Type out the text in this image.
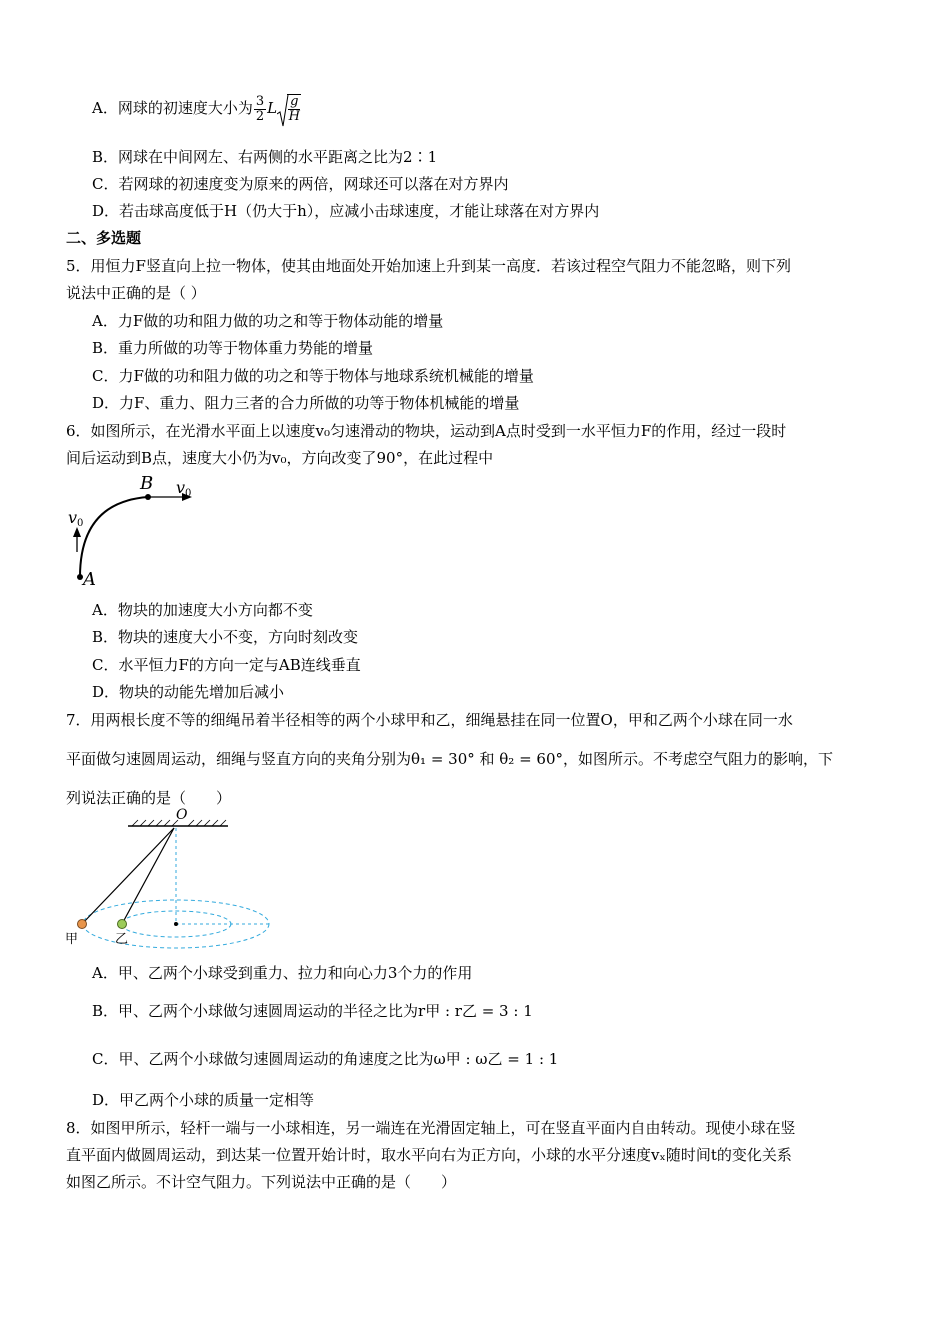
A．网球的初速度大小为 $\frac{3}{2}$ L $\frac{g}{H}$
B．网球在中间网左、右两侧的水平距离之比为2∶1
C．若网球的初速度变为原来的两倍，网球还可以落在对方界内
D．若击球高度低于H（仍大于h），应减小击球速度，才能让球落在对方界内
二、多选题
5．用恒力F竖直向上拉一物体，使其由地面处开始加速上升到某一高度．若该过程空气阻力不能忽略，则下列
说法中正确的是（ ）
A．力F做的功和阻力做的功之和等于物体动能的增量
B．重力所做的功等于物体重力势能的增量
C．力F做的功和阻力做的功之和等于物体与地球系统机械能的增量
D．力F、重力、阻力三者的合力所做的功等于物体机械能的增量
6．如图所示，在光滑水平面上以速度v₀匀速滑动的物块，运动到A点时受到一水平恒力F的作用，经过一段时
间后运动到B点，速度大小仍为v₀，方向改变了90°，在此过程中
B
A
v 0
v 0
A．物块的加速度大小方向都不变
B．物块的速度大小不变，方向时刻改变
C．水平恒力F的方向一定与AB连线垂直
D．物块的动能先增加后减小
7．用两根长度不等的细绳吊着半径相等的两个小球甲和乙，细绳悬挂在同一位置O，甲和乙两个小球在同一水
平面做匀速圆周运动，细绳与竖直方向的夹角分别为θ₁ = 30° 和 θ₂ = 60°，如图所示。不考虑空气阻力的影响，下
列说法正确的是（　　）
O
甲	乙
A．甲、乙两个小球受到重力、拉力和向心力3个力的作用
B．甲、乙两个小球做匀速圆周运动的半径之比为r甲 : r乙 = 3 : 1
C．甲、乙两个小球做匀速圆周运动的角速度之比为ω甲 : ω乙 = 1 : 1
D．甲乙两个小球的质量一定相等
8．如图甲所示，轻杆一端与一小球相连，另一端连在光滑固定轴上，可在竖直平面内自由转动。现使小球在竖
直平面内做圆周运动，到达某一位置开始计时，取水平向右为正方向，小球的水平分速度vₓ随时间t的变化关系
如图乙所示。不计空气阻力。下列说法中正确的是（　　）
